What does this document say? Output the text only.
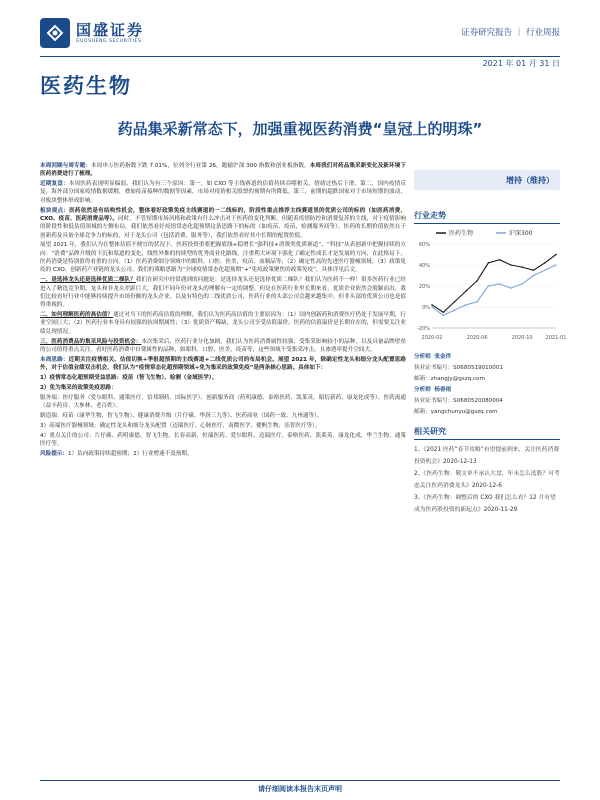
国盛证券
GUOSHENG SECURITIES
证券研究报告 ｜ 行业周报
2021 年 01 月 31 日
医药生物
药品集采新常态下，加强重视医药消费“皇冠上的明珠”

本周回顾与周专题：本周申万医药指数下跌 7.01%，位列全行业第 26，跑输沪深 300 指数和创业板指数。本周我们对药品集采新变化及新环境下医药消费进行了梳理。

近期复盘：本周医药表现明显偏弱，我们认为有三个原因：第一，如 CXO 等主线赛道的估值持续吞噬相关，情绪过热后下滑。第二，国内疫情反复，海外部分国家疫情数据缓解，叠加疫苗接种的数据等因素，市场对疫情相关股票的预期有所降低。第三，前期的超跌国家对于市场短期的波动，对板块整体形成影响。

板块观点：医药依然是有结构性机会，整体看好政策免疫主线赛道的一二线标的，阶段性重点推荐主线赛道里的优质公司的标的（如医药消费、CXO、疫苗、医药消费品等）。同时，不管短期市场风格和政策有什么冲击对于医药的变化判断，但随着疫情防控和消费复苏的主线，对于疫情影响的阶段性和低估值领域的左侧布局，我们依然看好疫情常态化超预期这条思路下的标的（如疫苗、疫苗、检测服务商等）。医药的长期价值依然在于创新药及具备全球竞争力的标的，对于龙头公司（包括消费、服务等），我们依然看好其中长期的配置价值。

展望 2021 年，我们认为在整体估值不便宜的状况下，医药投资重要把握底线+稳增长“强科技+消费类优质赛道”，“科技”从表创新中把握持续的方向：“消费”品牌升级的下沉和渠道的变化，线性外推的持续型的优秀商业化路线，注重利大环境下强化了确定性成长才是发展的方向，在此格局下，医药消费是特别值得看重的方向。（1）医药消费细分领域中的眼科、口腔、医美、疫苗、血制品等；（2）确定性高的先进医疗器械领域；（3）政策免疫的 CXO、创新药产业链的龙头公司。我们的策略思路为“全球疫情常态化超预期”+“免疫政策聚焦的政策免疫”，具体详见后文。

一、是选择龙头还是选择优质二梯队？我们在研究中经常遇到的问题是：是选择龙头还是选择优质二梯队？我们认为医药不一样！很多医药行业已经进入了精选竞争期，龙头和非龙头差距巨大，我们不同年份对龙头的理解有一定的调整。但是在医药行业里长期来看，优质企业依然会脱颖而出。我们比较看好行业中能够持续提升市场份额的龙头企业，以及有特色的二线优质公司，医药行业的头部公司会越来越集中，但非头部的优质公司也是值得重视的。

二、如何理解医药的高估值？通过对当下的医药高估值的理解，我们认为医药高估值的主要原因为：（1）国内创新药和消费医疗仍处于发展早期，行业空间巨大；（2）医药行业本身具有较强的抗周期属性；（3）优质资产稀缺，龙头公司享受估值溢价。医药的估值溢价是长期存在的，但需要关注业绩兑现情况。

三、医药消费品的集采风险与投资机会：本次集采后，医药行业分化加剧，我们认为医药消费属性较强、受集采影响较小的品种，以及具备品牌壁垒的公司值得重点关注。看好医药消费中自费属性的品种，如眼科、口腔、医美、疫苗等，这些领域不受集采冲击，且渗透率提升空间大。

本周思路：近期关注疫情相关、估值切换+季报超预期的主线赛道+二线优质公司的布局机会。展望 2021 年，除确定性龙头和细分龙头配置思路外，对于估值业绩双击机会，我们认为“疫情常态化超预期领域+免为集采的政策免疫”是两条核心思路。具体如下：

1）疫情常态化超预期受益思路：疫苗（智飞生物）、检测（金域医学）。

2）免为集采的政策免疫思路：

服务端：医疗服务（爱尔眼科、通策医疗、信邦制药、国际医学）、创新服务商（药明康德、泰格医药、凯莱英、昭衍新药、康龙化成等）、医药流通（益丰药房、大参林、老百姓）。

制造端：疫苗（康华生物、智飞生物）、健康消费升级（片仔癀、华润三九等）、医药商业（国药一致、九州通等）。

3）高端医疗器械领域：确定性龙头和细分龙头配置（迈瑞医疗、心脉医疗、南微医学、健帆生物、乐普医疗等）。

4）重点关注的公司：片仔癀、药明康德、智飞生物、长春高新、恒瑞医药、爱尔眼科、迈瑞医疗、泰格医药、凯莱英、康龙化成、华兰生物、通策医疗等。

风险提示：1）负向政策持续超预期；2）行业增速不及预期。

增持（维持）
行业走势
-20%
0%
20%
40%
60%
2020-02	2020-06	2020-10	2021-01
医药生物	沪深300
分析师 张金洋
执业证书编号：S0680519010001
邮箱：zhangjy@gszq.com
分析师 杨春雨
执业证书编号：S0680520080004
邮箱：yangchunyu@gszq.com
相关研究
1、《2021 医药“春节攻略”有望提前到来，关注医药消费投资机会》2020-12-13
2、《医药生物：敬文单不承认大盘，年末怎么选股？可考虑关注医药消费龙头》2020-12-6
3、《医药生物：调整后的 CXO 我们怎么看？12 月有望成为医药股投资的新起点》2020-11-29
请仔细阅读本报告末页声明
